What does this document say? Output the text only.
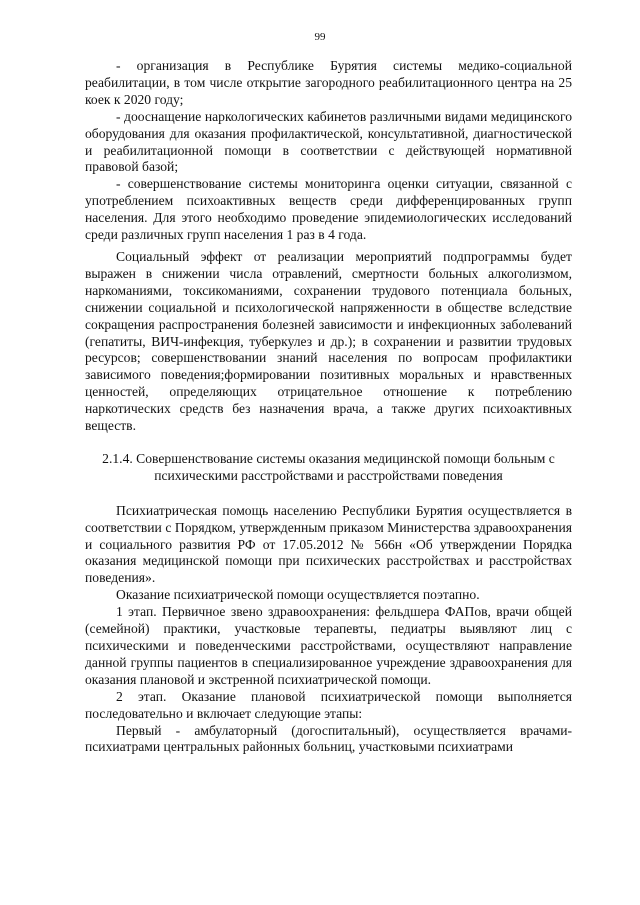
99

- организация в Республике Бурятия системы медико-социальной реабилитации, в том числе открытие загородного реабилитационного центра на 25 коек к 2020 году;

- дооснащение наркологических кабинетов различными видами медицинского оборудования для оказания профилактической, консультативной, диагностической и реабилитационной помощи в соответствии с действующей нормативной правовой базой;

- совершенствование системы мониторинга оценки ситуации, связанной с употреблением психоактивных веществ среди дифференцированных групп населения. Для этого необходимо проведение эпидемиологических исследований среди различных групп населения 1 раз в 4 года.

Социальный эффект от реализации мероприятий подпрограммы будет выражен в снижении числа отравлений, смертности больных алкоголизмом, наркоманиями, токсикоманиями, сохранении трудового потенциала больных, снижении социальной и психологической напряженности в обществе вследствие сокращения распространения болезней зависимости и инфекционных заболеваний (гепатиты, ВИЧ-инфекция, туберкулез и др.); в сохранении и развитии трудовых ресурсов; совершенствовании знаний населения по вопросам профилактики зависимого поведения;формировании позитивных моральных и нравственных ценностей, определяющих отрицательное отношение к потреблению наркотических средств без назначения врача, а также других психоактивных веществ.

2.1.4. Совершенствование системы оказания медицинской помощи больным с психическими расстройствами и расстройствами поведения

Психиатрическая помощь населению Республики Бурятия осуществляется в соответствии с Порядком, утвержденным приказом Министерства здравоохранения и социального развития РФ от 17.05.2012 № 566н «Об утверждении Порядка оказания медицинской помощи при психических расстройствах и расстройствах поведения».

Оказание психиатрической помощи осуществляется поэтапно.

1 этап. Первичное звено здравоохранения: фельдшера ФАПов, врачи общей (семейной) практики, участковые терапевты, педиатры выявляют лиц с психическими и поведенческими расстройствами, осуществляют направление данной группы пациентов в специализированное учреждение здравоохранения для оказания плановой и экстренной психиатрической помощи.

2 этап. Оказание плановой психиатрической помощи выполняется последовательно и включает следующие этапы:

Первый - амбулаторный (догоспитальный), осуществляется врачами-психиатрами центральных районных больниц, участковыми психиатрами
